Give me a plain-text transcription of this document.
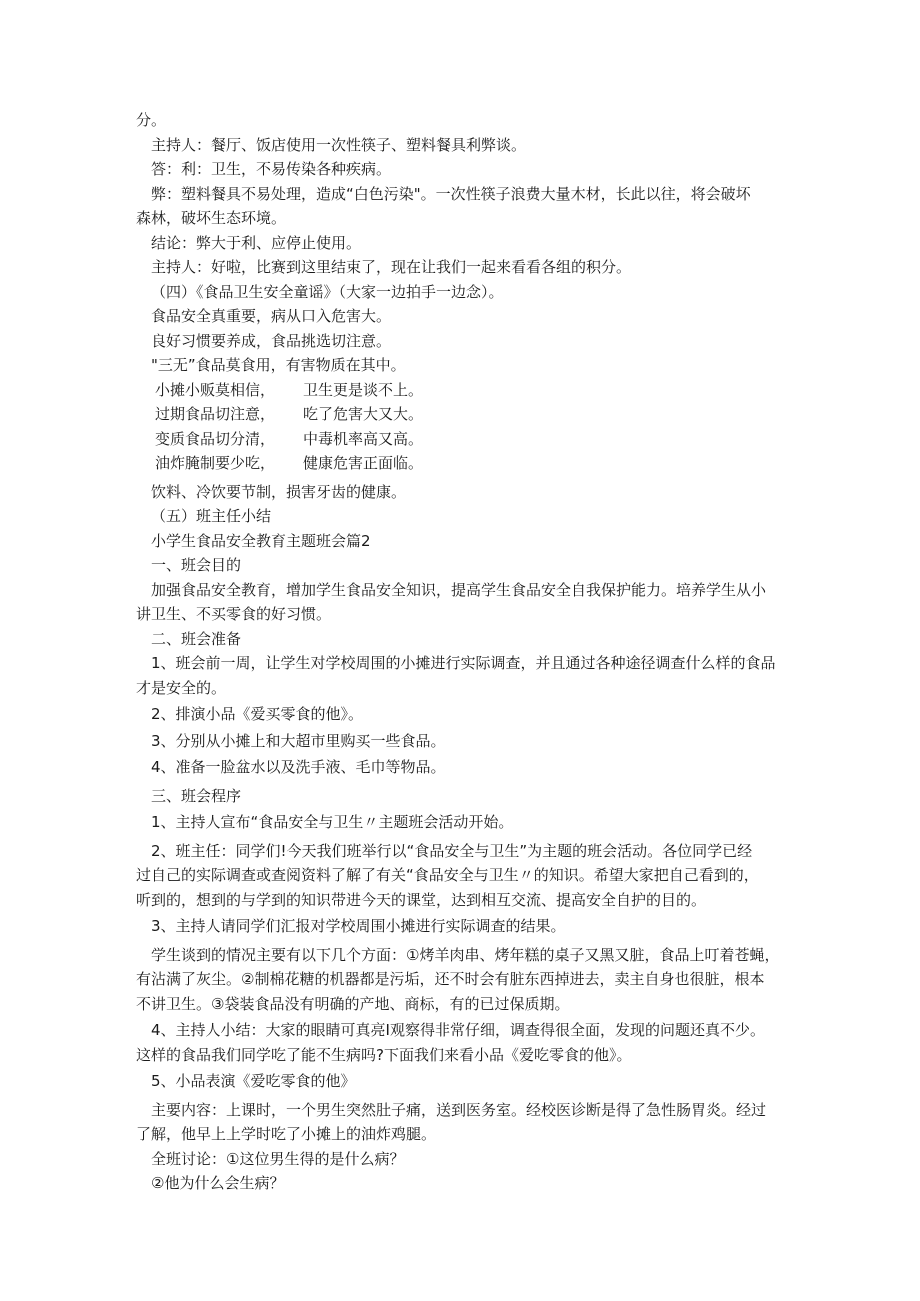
分。
主持人：餐厅、饭店使用一次性筷子、塑料餐具利弊谈。
答：利：卫生，不易传染各种疾病。
弊：塑料餐具不易处理，造成“白色污染"。一次性筷子浪费大量木材，长此以往，将会破坏
森林，破坏生态环境。
结论：弊大于利、应停止使用。
主持人：好啦，比赛到这里结束了，现在让我们一起来看看各组的积分。
（四）《食品卫生安全童谣》（大家一边拍手一边念）。
食品安全真重要，病从口入危害大。
良好习惯要养成，食品挑选切注意。
"三无”食品莫食用，有害物质在其中。
小摊小贩莫相信， 卫生更是谈不上。
过期食品切注意， 吃了危害大又大。
变质食品切分清， 中毒机率高又高。
油炸腌制要少吃， 健康危害正面临。
饮料、冷饮要节制，损害牙齿的健康。
（五）班主任小结
小学生食品安全教育主题班会篇2
一、班会目的
加强食品安全教育，增加学生食品安全知识，提高学生食品安全自我保护能力。培养学生从小
讲卫生、不买零食的好习惯。
二、班会准备
1、班会前一周，让学生对学校周围的小摊进行实际调查，并且通过各种途径调查什么样的食品
才是安全的。
2、排演小品《爱买零食的他》。
3、分别从小摊上和大超市里购买一些食品。
4、准备一脸盆水以及洗手液、毛巾等物品。
三、班会程序
1、主持人宣布“食品安全与卫生〃主题班会活动开始。
2、班主任：同学们!今天我们班举行以“食品安全与卫生”为主题的班会活动。各位同学已经
过自己的实际调查或查阅资料了解了有关“食品安全与卫生〃的知识。希望大家把自己看到的，
听到的，想到的与学到的知识带进今天的课堂，达到相互交流、提高安全自护的目的。
3、主持人请同学们汇报对学校周围小摊进行实际调查的结果。
学生谈到的情况主要有以下几个方面：①烤羊肉串、烤年糕的桌子又黑又脏，食品上叮着苍蝇，
有沾满了灰尘。②制棉花糖的机器都是污垢，还不时会有脏东西掉进去，卖主自身也很脏，根本
不讲卫生。③袋装食品没有明确的产地、商标，有的已过保质期。
4、主持人小结：大家的眼睛可真亮I观察得非常仔细，调查得很全面，发现的问题还真不少。
这样的食品我们同学吃了能不生病吗?下面我们来看小品《爱吃零食的他》。
5、小品表演《爱吃零食的他》
主要内容：上课时，一个男生突然肚子痛，送到医务室。经校医诊断是得了急性肠胃炎。经过
了解，他早上上学时吃了小摊上的油炸鸡腿。
全班讨论：①这位男生得的是什么病？
②他为什么会生病？
